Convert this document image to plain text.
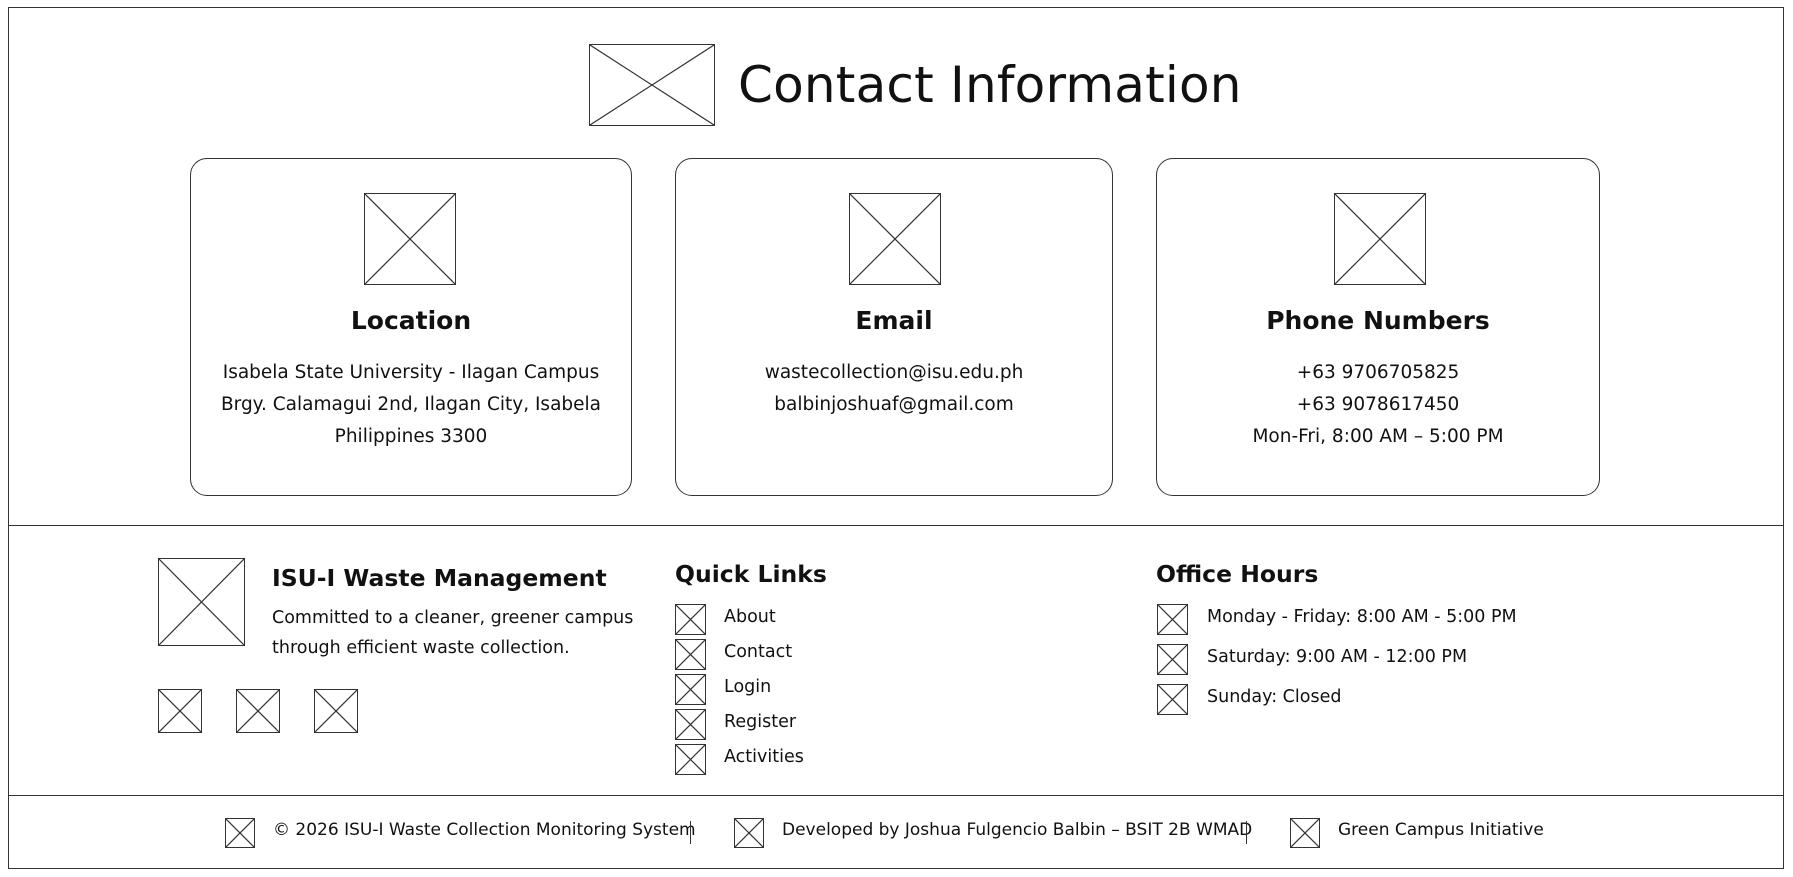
Contact Information
Location
Isabela State University - Ilagan Campus
Brgy. Calamagui 2nd, Ilagan City, Isabela
Philippines 3300
Email
wastecollection@isu.edu.ph
balbinjoshuaf@gmail.com
Phone Numbers
+63 9706705825
+63 9078617450
Mon-Fri, 8:00 AM – 5:00 PM
ISU-I Waste Management
Committed to a cleaner, greener campus
through efficient waste collection.
Quick Links
About
Contact
Login
Register
Activities
Office Hours
Monday - Friday: 8:00 AM - 5:00 PM
Saturday: 9:00 AM - 12:00 PM
Sunday: Closed
© 2026 ISU-I Waste Collection Monitoring System	Developed by Joshua Fulgencio Balbin – BSIT 2B WMAD	Green Campus Initiative
